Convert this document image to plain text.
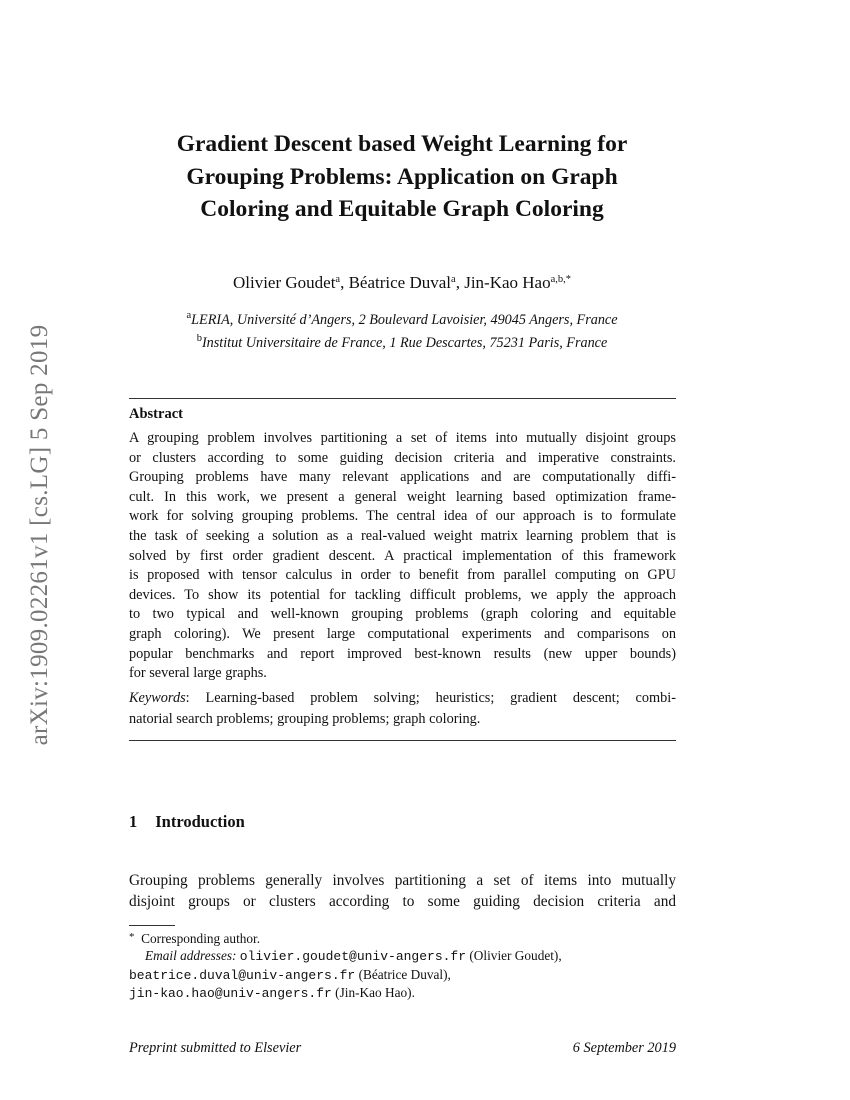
arXiv:1909.02261v1 [cs.LG] 5 Sep 2019
Gradient Descent based Weight Learning for
Grouping Problems: Application on Graph
Coloring and Equitable Graph Coloring
Olivier Goudet$^a$, Béatrice Duval$^a$, Jin-Kao Hao$^{a,b,*}$
$^a$LERIA, Université d’Angers, 2 Boulevard Lavoisier, 49045 Angers, France
$^b$Institut Universitaire de France, 1 Rue Descartes, 75231 Paris, France
Abstract
A grouping problem involves partitioning a set of items into mutually disjoint groups
or clusters according to some guiding decision criteria and imperative constraints.
Grouping problems have many relevant applications and are computationally diffi-
cult. In this work, we present a general weight learning based optimization frame-
work for solving grouping problems. The central idea of our approach is to formulate
the task of seeking a solution as a real-valued weight matrix learning problem that is
solved by first order gradient descent. A practical implementation of this framework
is proposed with tensor calculus in order to benefit from parallel computing on GPU
devices. To show its potential for tackling difficult problems, we apply the approach
to two typical and well-known grouping problems (graph coloring and equitable
graph coloring). We present large computational experiments and comparisons on
popular benchmarks and report improved best-known results (new upper bounds)
for several large graphs.
Keywords: Learning-based problem solving; heuristics; gradient descent; combi-
natorial search problems; grouping problems; graph coloring.
1 Introduction
Grouping problems generally involves partitioning a set of items into mutually
disjoint groups or clusters according to some guiding decision criteria and
* Corresponding author.
Email addresses: olivier.goudet@univ-angers.fr (Olivier Goudet),
beatrice.duval@univ-angers.fr (Béatrice Duval),
jin-kao.hao@univ-angers.fr (Jin-Kao Hao).
Preprint submitted to Elsevier	6 September 2019
